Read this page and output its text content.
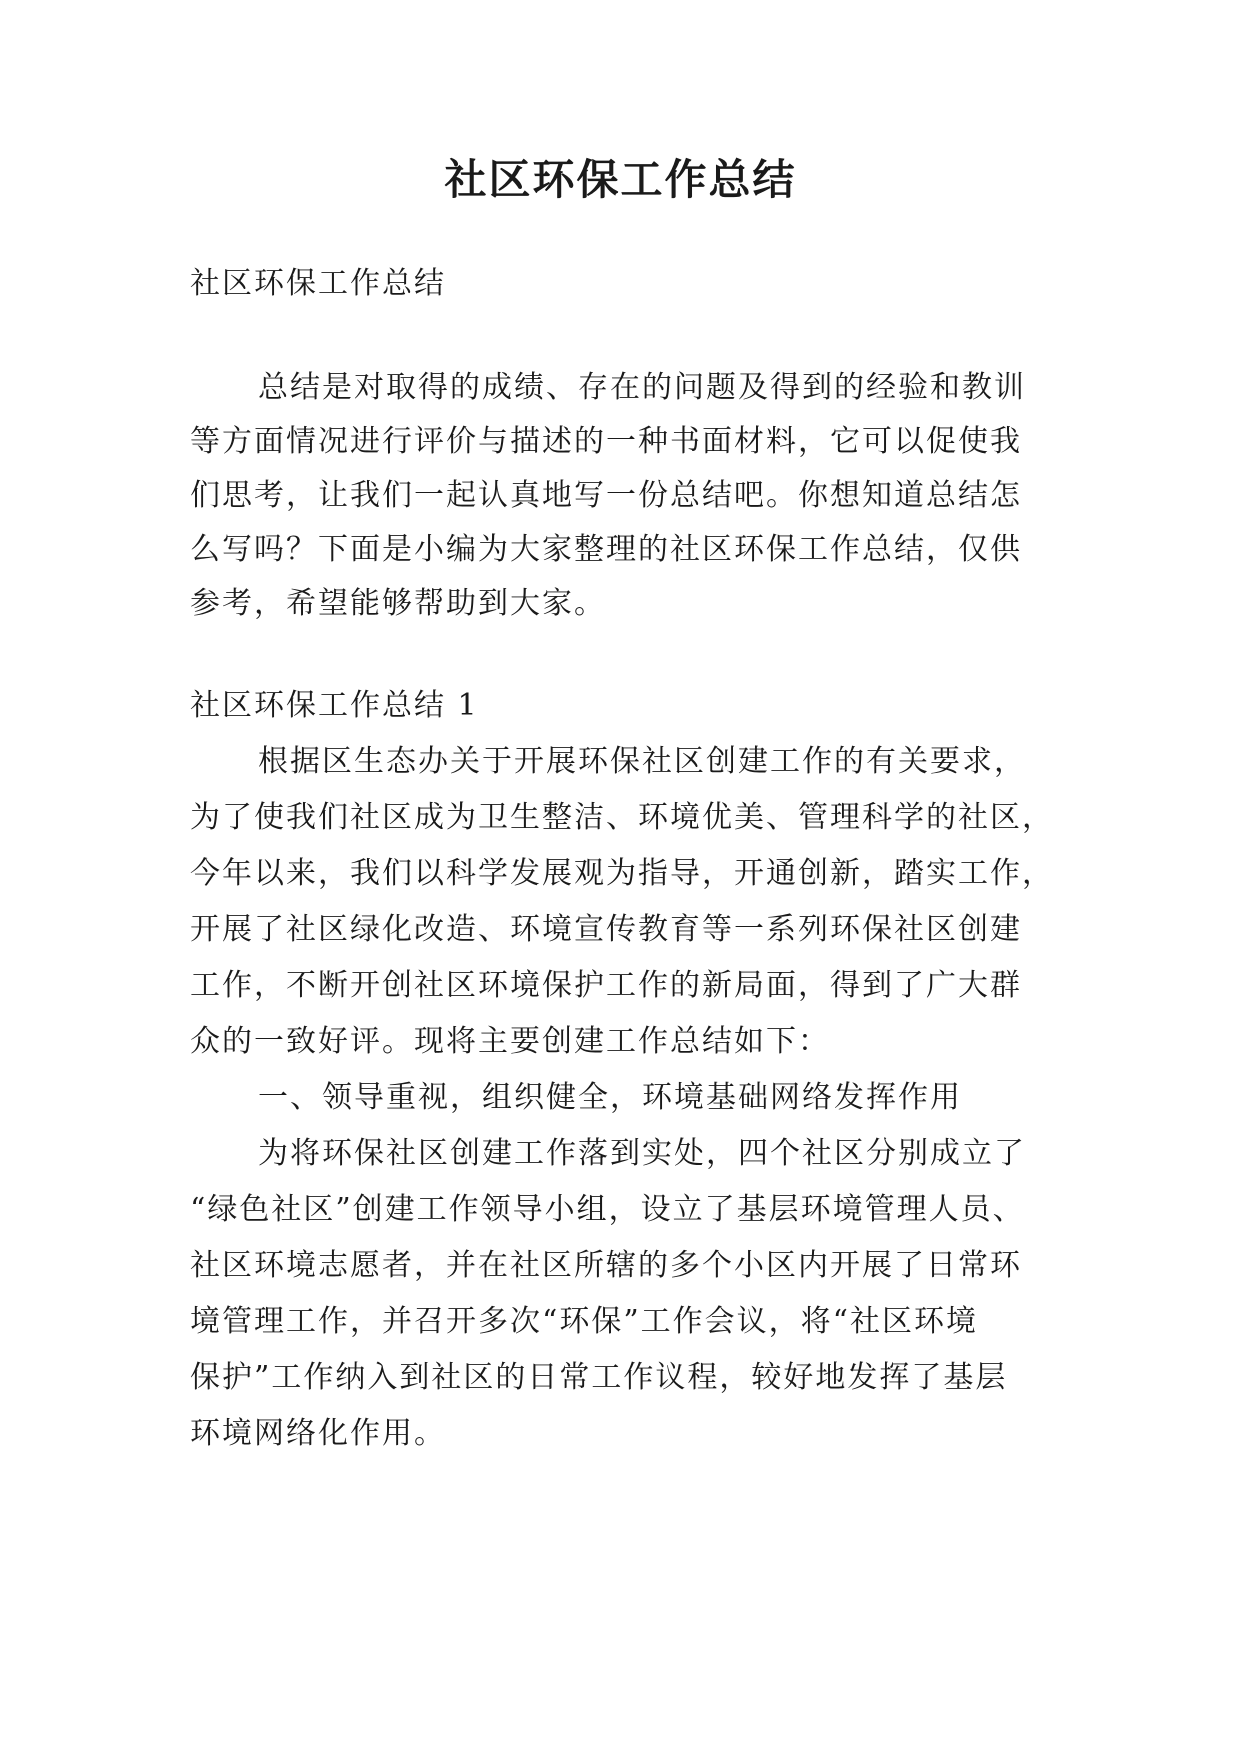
社区环保工作总结

社区环保工作总结

总结是对取得的成绩、存在的问题及得到的经验和教训

等方面情况进行评价与描述的一种书面材料，它可以促使我

们思考，让我们一起认真地写一份总结吧。你想知道总结怎

么写吗？下面是小编为大家整理的社区环保工作总结，仅供

参考，希望能够帮助到大家。

社区环保工作总结 1

根据区生态办关于开展环保社区创建工作的有关要求，

为了使我们社区成为卫生整洁、环境优美、管理科学的社区，

今年以来，我们以科学发展观为指导，开通创新，踏实工作，

开展了社区绿化改造、环境宣传教育等一系列环保社区创建

工作，不断开创社区环境保护工作的新局面，得到了广大群

众的一致好评。现将主要创建工作总结如下：

一、领导重视，组织健全，环境基础网络发挥作用

为将环保社区创建工作落到实处，四个社区分别成立了

“绿色社区”创建工作领导小组，设立了基层环境管理人员、

社区环境志愿者，并在社区所辖的多个小区内开展了日常环

境管理工作，并召开多次“环保”工作会议，将“社区环境

保护”工作纳入到社区的日常工作议程，较好地发挥了基层

环境网络化作用。
